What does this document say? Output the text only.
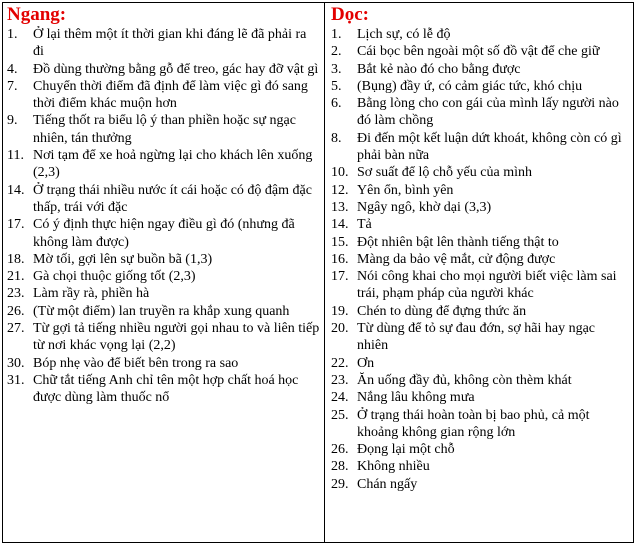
Ngang:
1.	Ở lại thêm một ít thời gian khi đáng lẽ đã phải ra đi
4.	Đồ dùng thường bằng gỗ để treo, gác hay đỡ vật gì
7.	Chuyển thời điểm đã định để làm việc gì đó sang thời điểm khác muộn hơn
9.	Tiếng thốt ra biểu lộ ý than phiền hoặc sự ngạc nhiên, tán thưởng
11. Nơi tạm để xe hoả ngừng lại cho khách lên xuống (2,3)
14. Ở trạng thái nhiều nước ít cái hoặc có độ đậm đặc thấp, trái với đặc
17. Có ý định thực hiện ngay điều gì đó (nhưng đã không làm được)
18. Mờ tối, gợi lên sự buồn bã (1,3)
21. Gà chọi thuộc giống tốt (2,3)
23. Làm rầy rà, phiền hà
26. (Từ một điểm) lan truyền ra khắp xung quanh
27. Từ gợi tả tiếng nhiều người gọi nhau to và liên tiếp từ nơi khác vọng lại (2,2)
30. Bóp nhẹ vào để biết bên trong ra sao
31. Chữ tắt tiếng Anh chỉ tên một hợp chất hoá học được dùng làm thuốc nổ
Dọc:
1.	Lịch sự, có lễ độ
2.	Cái bọc bên ngoài một số đồ vật để che giữ
3.	Bắt kẻ nào đó cho bằng được
5.	(Bụng) đầy ứ, có cảm giác tức, khó chịu
6.	Bằng lòng cho con gái của mình lấy người nào đó làm chồng
8.	Đi đến một kết luận dứt khoát, không còn có gì phải bàn nữa
10. Sơ suất để lộ chỗ yếu của mình
12. Yên ổn, bình yên
13. Ngây ngô, khờ dại (3,3)
14. Tả
15. Đột nhiên bật lên thành tiếng thật to
16. Màng da bảo vệ mắt, cử động được
17. Nói công khai cho mọi người biết việc làm sai trái, phạm pháp của người khác
19. Chén to dùng để đựng thức ăn
20. Từ dùng để tỏ sự đau đớn, sợ hãi hay ngạc nhiên
22. Ơn
23. Ăn uống đầy đủ, không còn thèm khát
24. Nắng lâu không mưa
25. Ở trạng thái hoàn toàn bị bao phủ, cả một khoảng không gian rộng lớn
26. Đọng lại một chỗ
28. Không nhiều
29. Chán ngấy
